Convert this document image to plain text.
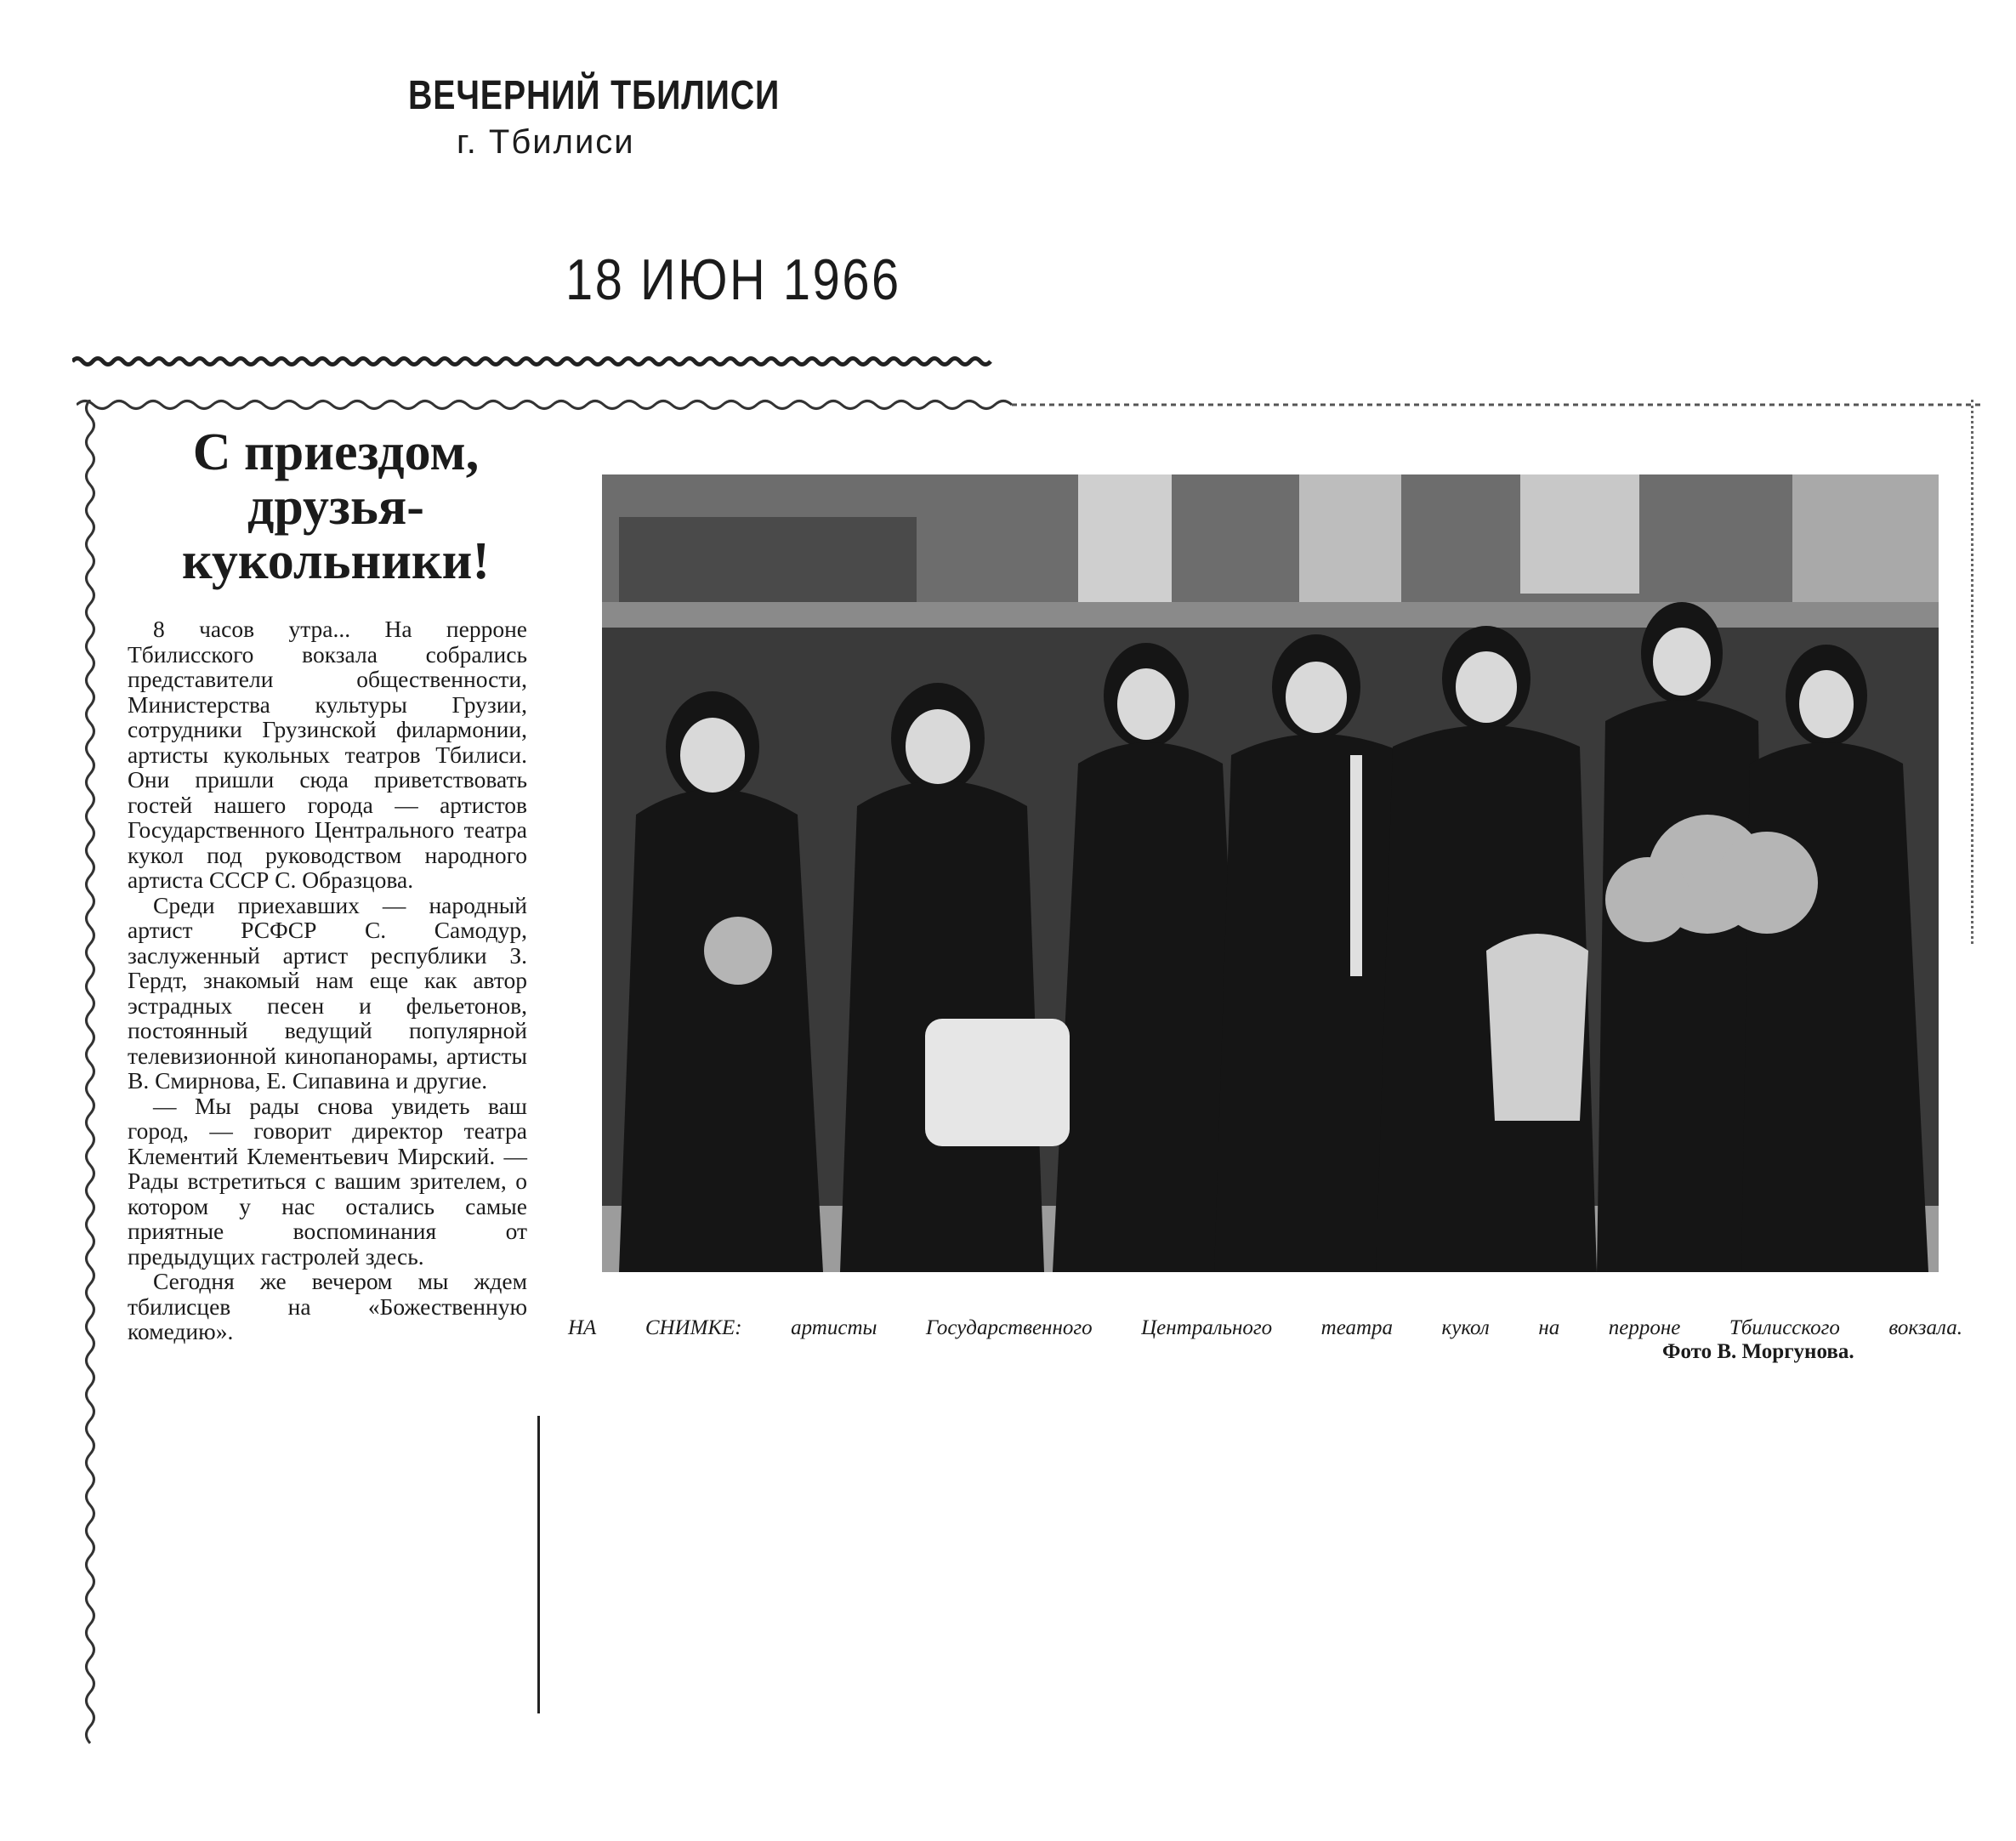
ВЕЧЕРНИЙ ТБИЛИСИ
г. Тбилиси
18 ИЮН 1966
С приездом,
друзья-
кукольники!

8 часов утра... На перроне Тбилисского вокзала собрались представители общественности, Министерства культуры Грузии, сотрудники Грузинской филармонии, артисты кукольных театров Тбилиси. Они пришли сюда приветствовать гостей нашего города — артистов Государственного Центрального театра кукол под руководством народного артиста СССР С. Образцова.

Среди приехавших — народный артист РСФСР С. Самодур, заслуженный артист республики З. Гердт, знакомый нам еще как автор эстрадных песен и фельетонов, постоянный ведущий популярной телевизионной кинопанорамы, артисты В. Смирнова, Е. Сипавина и другие.

— Мы рады снова увидеть ваш город, — говорит директор театра Клементий Клементьевич Мирский. — Рады встретиться с вашим зрителем, о котором у нас остались самые приятные воспоминания от предыдущих гастролей здесь.

Сегодня же вечером мы ждем тбилисцев на «Божественную комедию».	НА СНИМКЕ: артисты Государственного Центрального театра кукол на перроне Тбилисского вокзала.
Фото В. Моргунова.
